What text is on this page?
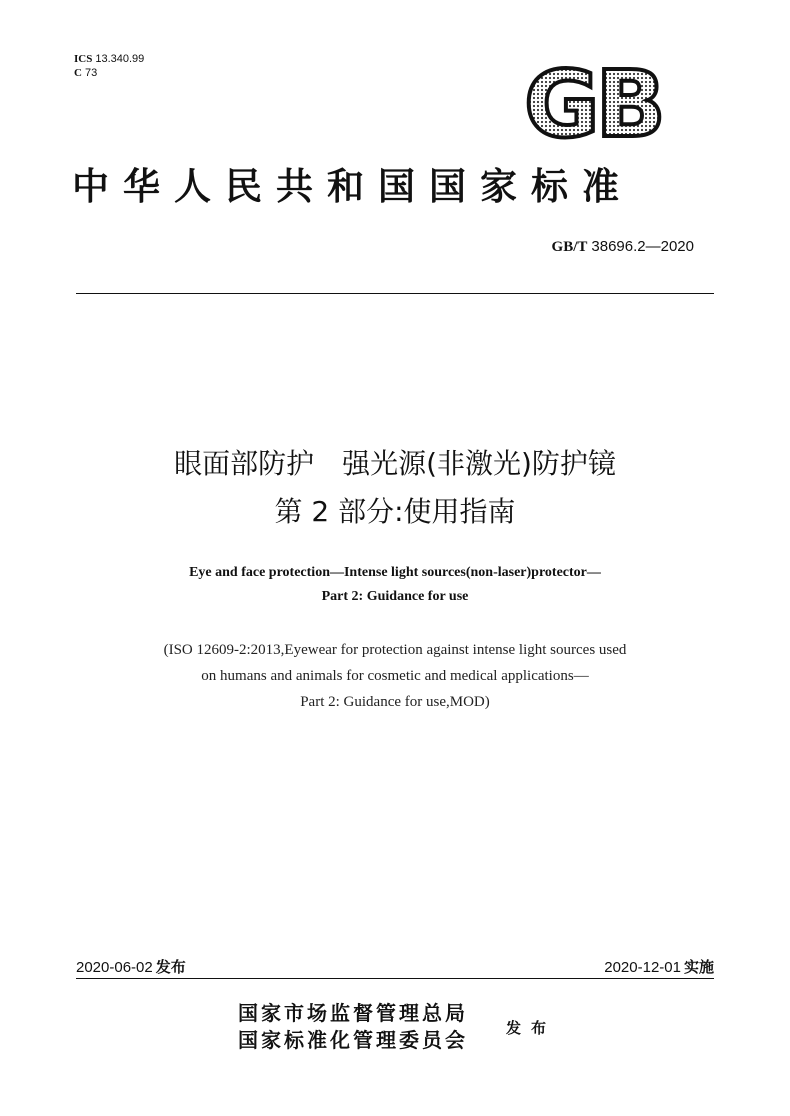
ICS 13.340.99
C 73	GB
中华人民共和国国家标准
GB/T 38696.2—2020
眼面部防护　强光源(非激光)防护镜
第 2 部分:使用指南
Eye and face protection—Intense light sources(non-laser)protector—
Part 2: Guidance for use
(ISO 12609-2:2013,Eyewear for protection against intense light sources used
on humans and animals for cosmetic and medical applications—
Part 2: Guidance for use,MOD)
2020-06-02 发布	2020-12-01 实施
国家市场监督管理总局
国家标准化管理委员会	发布
